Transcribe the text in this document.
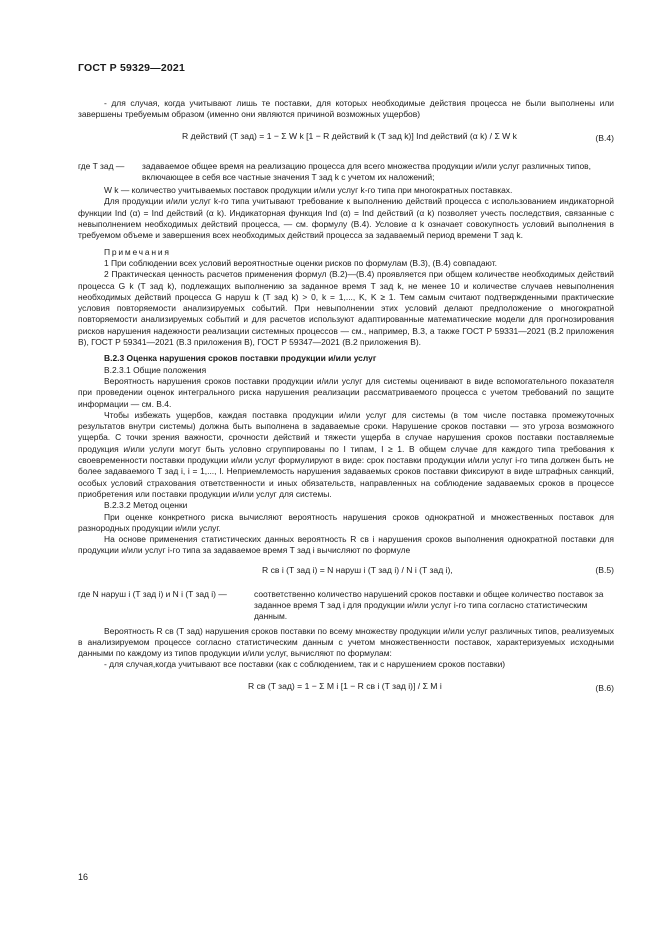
ГОСТ Р 59329—2021

- для случая, когда учитывают лишь те поставки, для которых необходимые действия процесса не были выполнены или завершены требуемым образом (именно они являются причиной возможных ущербов)

R действий (T зад) = 1 − Σ W k [1 − R действий k (T зад k)] Ind действий (α k) / Σ W k	(В.4)
где T зад —	задаваемое общее время на реализацию процесса для всего множества продукции и/или услуг различных типов, включающее в себя все частные значения T зад k с учетом их наложений;

W k — количество учитываемых поставок продукции и/или услуг k-го типа при многократных поставках.

Для продукции и/или услуг k-го типа учитывают требование к выполнению действий процесса с использованием индикаторной функции Ind (α) = Ind действий (α k). Индикаторная функция Ind (α) = Ind действий (α k) позволяет учесть последствия, связанные с невыполнением необходимых действий процесса, — см. формулу (В.4). Условие α k означает совокупность условий выполнения в требуемом объеме и завершения всех необходимых действий процесса за задаваемый период времени T зад k.

Примечания

1 При соблюдении всех условий вероятностные оценки рисков по формулам (В.3), (В.4) совпадают.

2 Практическая ценность расчетов применения формул (В.2)—(В.4) проявляется при общем количестве необходимых действий процесса G k (T зад k), подлежащих выполнению за заданное время T зад k, не менее 10 и количестве случаев невыполнения необходимых действий процесса G наруш k (T зад k) > 0, k = 1,..., K, K ≥ 1. Тем самым считают подтвержденными практические условия повторяемости анализируемых событий. При невыполнении этих условий делают предположение о многократной повторяемости анализируемых событий и для расчетов используют адаптированные математические модели для прогнозирования рисков нарушения надежности реализации системных процессов — см., например, В.3, а также ГОСТ Р 59331—2021 (В.2 приложения В), ГОСТ Р 59341—2021 (В.3 приложения В), ГОСТ Р 59347—2021 (В.2 приложения В).

В.2.3 Оценка нарушения сроков поставки продукции и/или услуг

В.2.3.1 Общие положения

Вероятность нарушения сроков поставки продукции и/или услуг для системы оценивают в виде вспомогательного показателя при проведении оценок интегрального риска нарушения реализации рассматриваемого процесса с учетом требований по защите информации — см. В.4.

Чтобы избежать ущербов, каждая поставка продукции и/или услуг для системы (в том числе поставка промежуточных результатов внутри системы) должна быть выполнена в задаваемые сроки. Нарушение сроков поставки — это угроза возможного ущерба. С точки зрения важности, срочности действий и тяжести ущерба в случае нарушения сроков поставки поставляемые продукция и/или услуги могут быть условно сгруппированы по I типам, I ≥ 1. В общем случае для каждого типа требования к своевременности поставки продукции и/или услуг формулируют в виде: срок поставки продукции и/или услуг i-го типа должен быть не более задаваемого T зад i, i = 1,..., I. Неприемлемость нарушения задаваемых сроков поставки фиксируют в виде штрафных санкций, особых условий страхования ответственности и иных обязательств, направленных на соблюдение задаваемых сроков в процессе приобретения или поставки продукции и/или услуг для системы.

В.2.3.2 Метод оценки

При оценке конкретного риска вычисляют вероятность нарушения сроков однократной и множественных поставок для разнородных продукции и/или услуг.

На основе применения статистических данных вероятность R св i нарушения сроков выполнения однократной поставки для продукции и/или услуг i-го типа за задаваемое время T зад i вычисляют по формуле

R св i (T зад i) = N наруш i (T зад i) / N i (T зад i),	(В.5)
где N наруш i (T зад i) и N i (T зад i) —	соответственно количество нарушений сроков поставки и общее количество поставок за заданное время T зад i для продукции и/или услуг i-го типа согласно статистическим данным.

Вероятность R св (T зад) нарушения сроков поставки по всему множеству продукции и/или услуг различных типов, реализуемых в анализируемом процессе согласно статистическим данным с учетом множественности поставок, характеризуемых исходными данными по каждому из типов продукции и/или услуг, вычисляют по формулам:

- для случая,когда учитывают все поставки (как с соблюдением, так и с нарушением сроков поставки)

R св (T зад) = 1 − Σ M i [1 − R св i (T зад i)] / Σ M i	(В.6)
16
